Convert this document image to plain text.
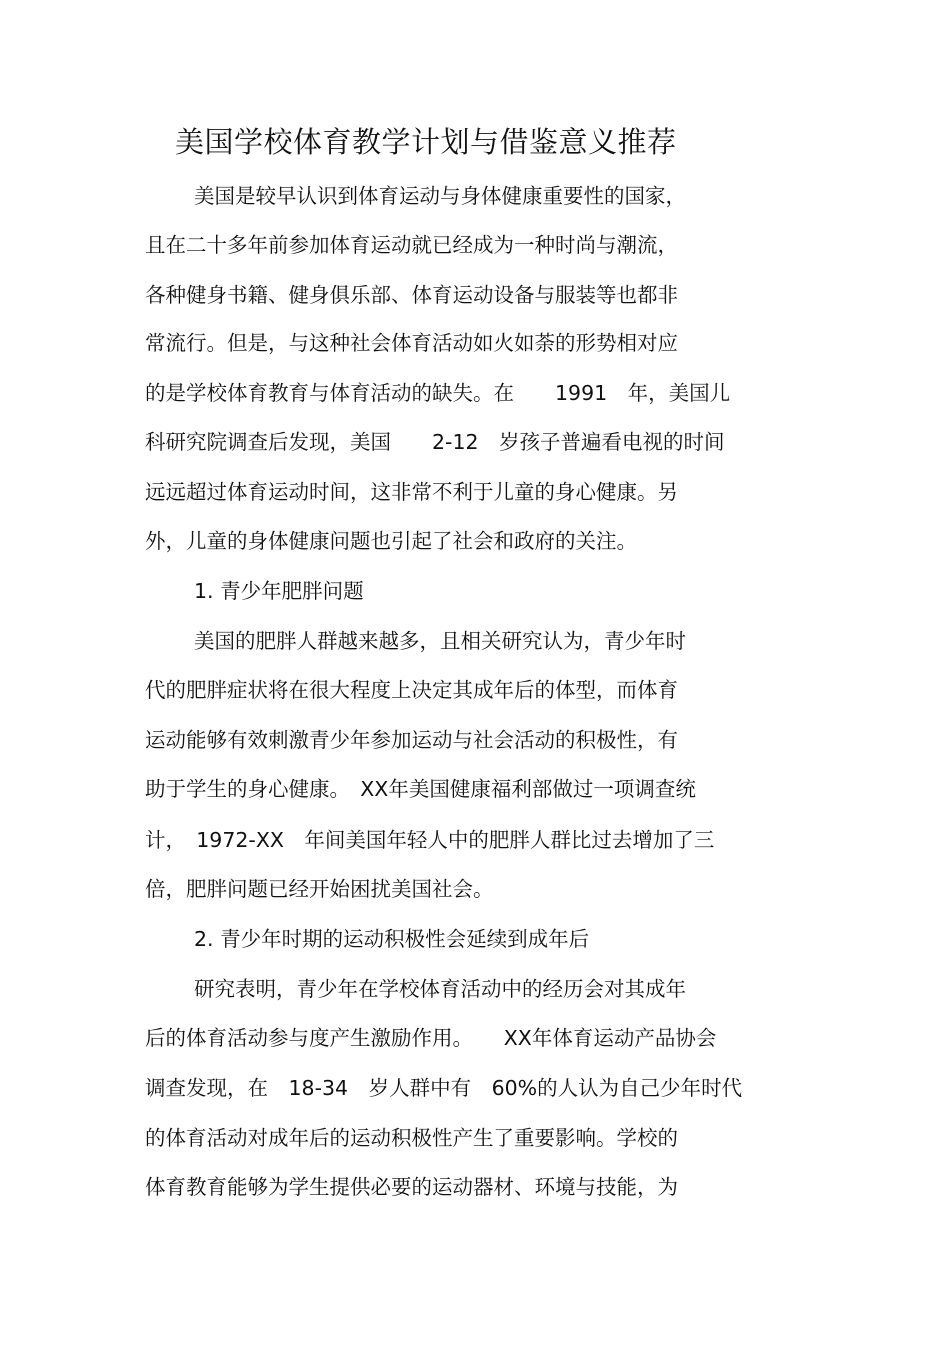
美国学校体育教学计划与借鉴意义推荐
美国是较早认识到体育运动与身体健康重要性的国家，
且在二十多年前参加体育运动就已经成为一种时尚与潮流，
各种健身书籍、健身俱乐部、体育运动设备与服装等也都非
常流行。但是，与这种社会体育活动如火如荼的形势相对应
的是学校体育教育与体育活动的缺失。在　　1991　年，美国儿
科研究院调查后发现，美国　　2-12　岁孩子普遍看电视的时间
远远超过体育运动时间，这非常不利于儿童的身心健康。另
外，儿童的身体健康问题也引起了社会和政府的关注。
1. 青少年肥胖问题
美国的肥胖人群越来越多，且相关研究认为，青少年时
代的肥胖症状将在很大程度上决定其成年后的体型，而体育
运动能够有效刺激青少年参加运动与社会活动的积极性，有
助于学生的身心健康。　XX年美国健康福利部做过一项调查统
计，　1972-XX　年间美国年轻人中的肥胖人群比过去增加了三
倍，肥胖问题已经开始困扰美国社会。
2. 青少年时期的运动积极性会延续到成年后
研究表明，青少年在学校体育活动中的经历会对其成年
后的体育活动参与度产生激励作用。　　XX年体育运动产品协会
调查发现，在　18-34　岁人群中有　60%的人认为自己少年时代
的体育活动对成年后的运动积极性产生了重要影响。学校的
体育教育能够为学生提供必要的运动器材、环境与技能，为
